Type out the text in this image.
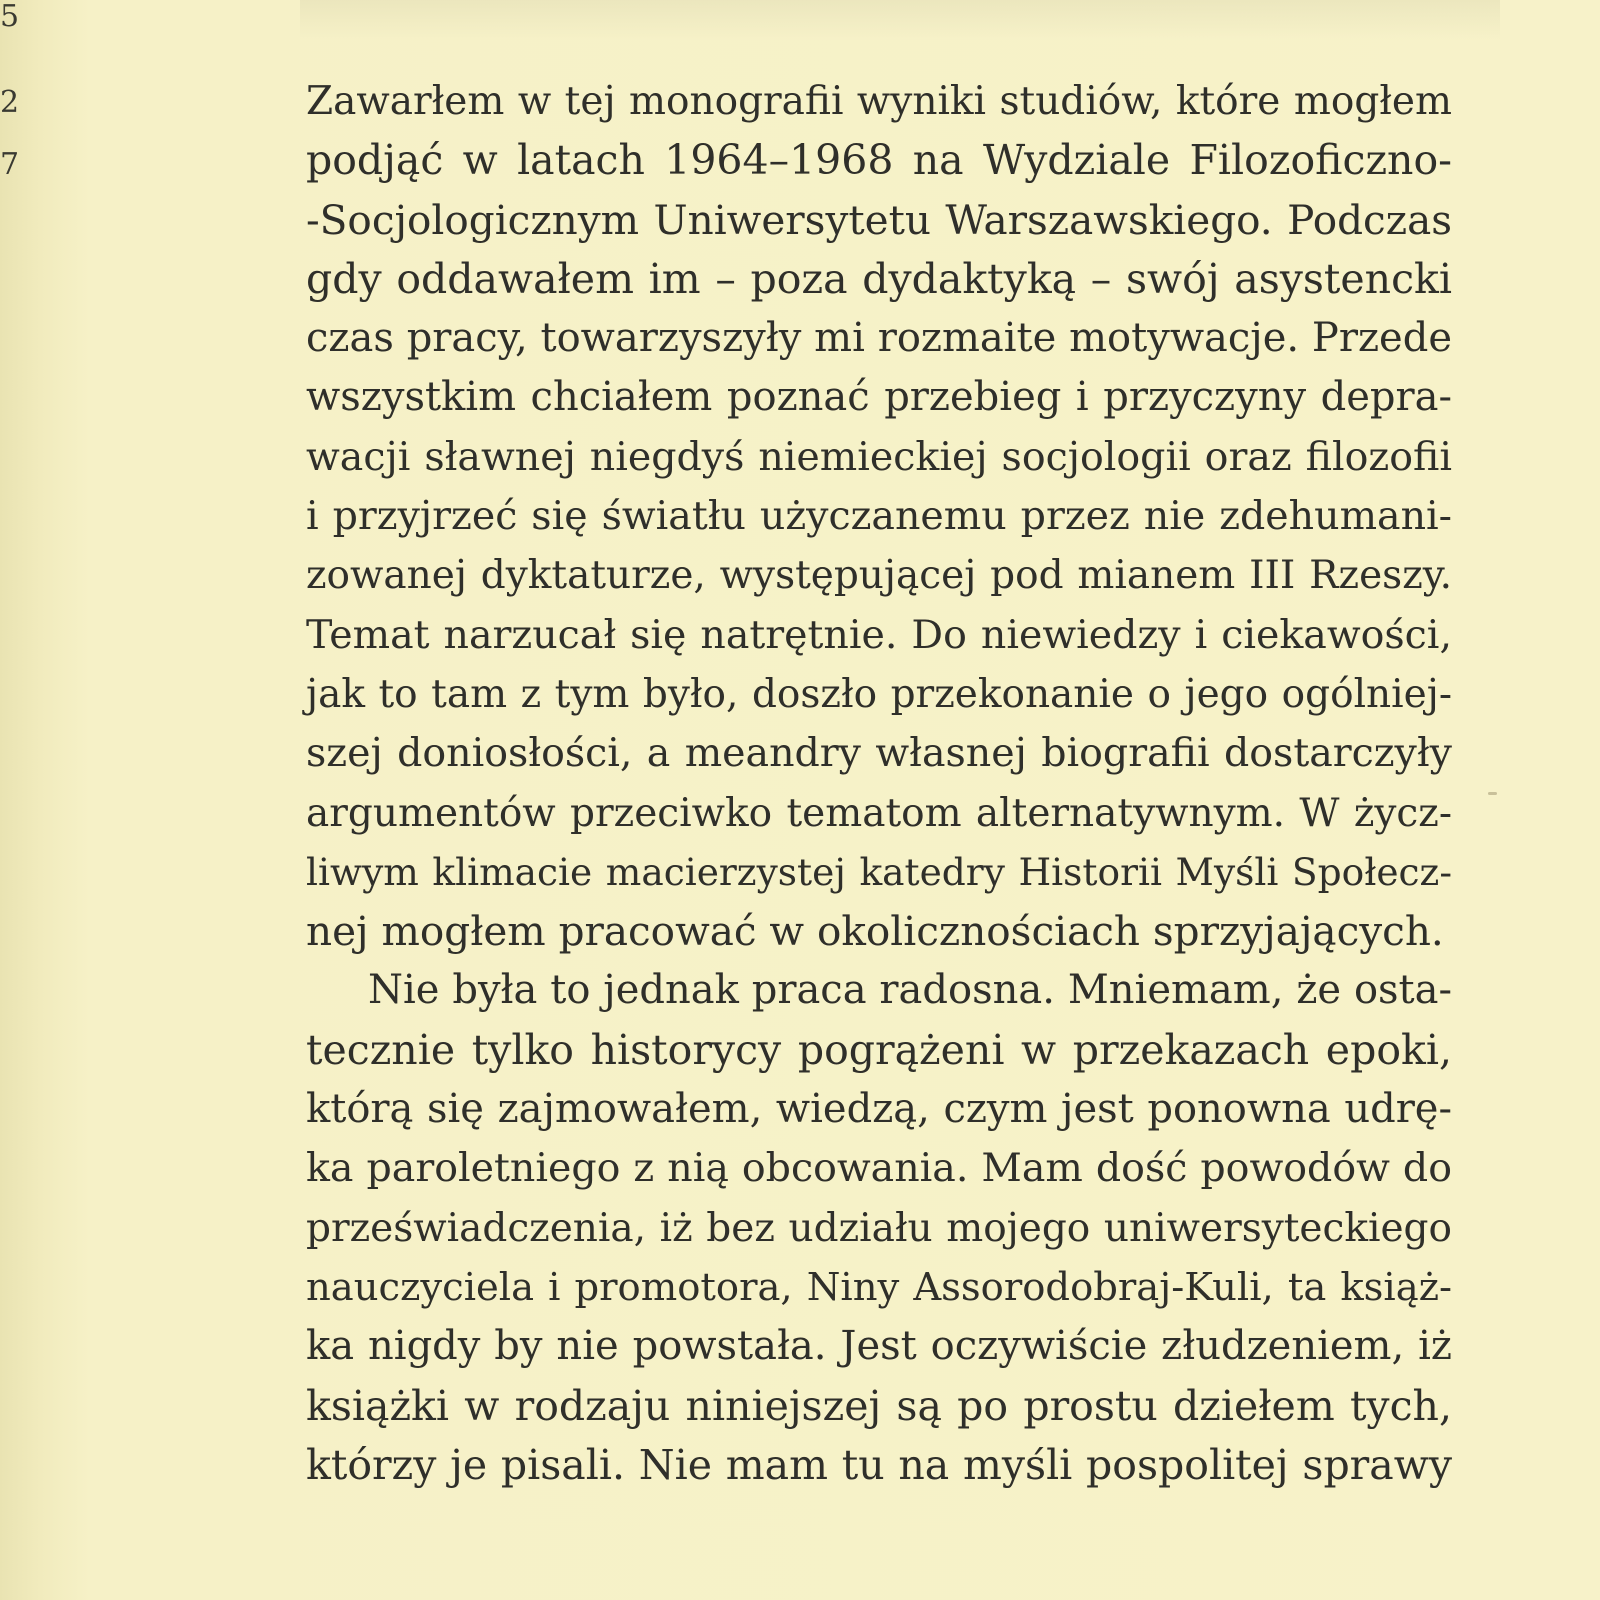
5
2
7
Zawarłem w tej monografii wyniki studiów, które mogłem
podjąć w latach 1964–1968 na Wydziale Filozoficzno-
-Socjologicznym Uniwersytetu Warszawskiego. Podczas
gdy oddawałem im – poza dydaktyką – swój asystencki
czas pracy, towarzyszyły mi rozmaite motywacje. Przede
wszystkim chciałem poznać przebieg i przyczyny depra-
wacji sławnej niegdyś niemieckiej socjologii oraz filozofii
i przyjrzeć się światłu użyczanemu przez nie zdehumani-
zowanej dyktaturze, występującej pod mianem III Rzeszy.
Temat narzucał się natrętnie. Do niewiedzy i ciekawości,
jak to tam z tym było, doszło przekonanie o jego ogólniej-
szej doniosłości, a meandry własnej biografii dostarczyły
argumentów przeciwko tematom alternatywnym. W życz-
liwym klimacie macierzystej katedry Historii Myśli Społecz-
nej mogłem pracować w okolicznościach sprzyjających.
Nie była to jednak praca radosna. Mniemam, że osta-
tecznie tylko historycy pogrążeni w przekazach epoki,
którą się zajmowałem, wiedzą, czym jest ponowna udrę-
ka paroletniego z nią obcowania. Mam dość powodów do
przeświadczenia, iż bez udziału mojego uniwersyteckiego
nauczyciela i promotora, Niny Assorodobraj-Kuli, ta książ-
ka nigdy by nie powstała. Jest oczywiście złudzeniem, iż
książki w rodzaju niniejszej są po prostu dziełem tych,
którzy je pisali. Nie mam tu na myśli pospolitej sprawy
